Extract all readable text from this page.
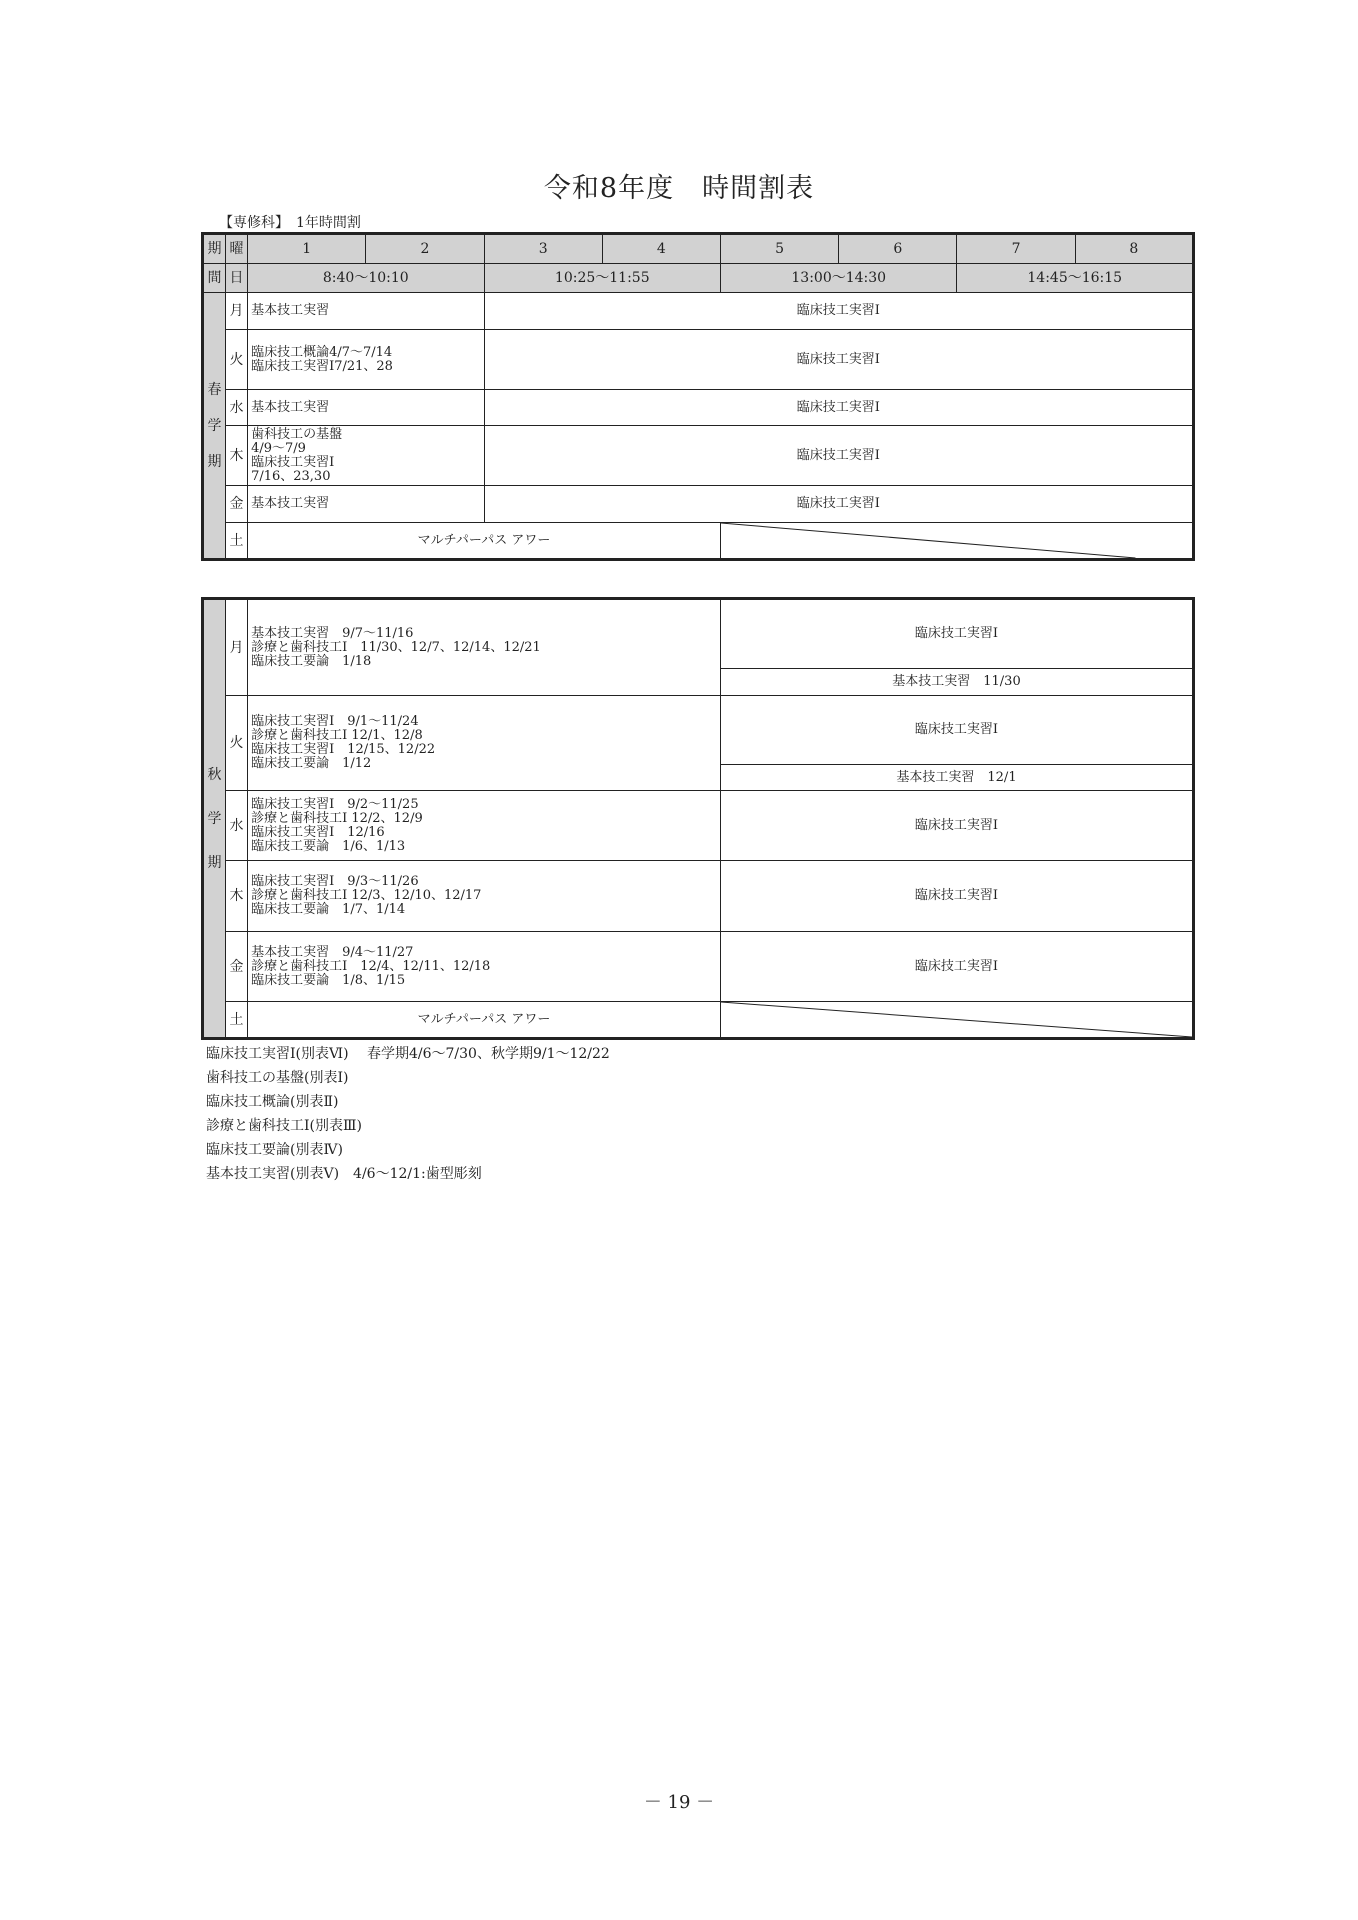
令和8年度　時間割表
【専修科】　1年時間割
期	曜	1	2	3	4	5	6	7	8
間	日	8:40～10:10		10:25～11:55		13:00～14:30		14:45～16:15	

春
学
期	月	基本技工実習		臨床技工実習Ⅰ					
	火	臨床技工概論4/7～7/14
臨床技工実習Ⅰ7/21、28		臨床技工実習Ⅰ					
	水	基本技工実習		臨床技工実習Ⅰ					
	木	歯科技工の基盤
4/9～7/9
臨床技工実習Ⅰ
7/16、23,30		臨床技工実習Ⅰ					
	金	基本技工実習		臨床技工実習Ⅰ					
	土	マルチパーパス アワー	
秋
学
期	月	基本技工実習　9/7～11/16
診療と歯科技工Ⅰ　11/30、12/7、12/14、12/21
臨床技工要論　1/18	臨床技工実習Ⅰ
			基本技工実習　11/30
	火	臨床技工実習Ⅰ　9/1～11/24
診療と歯科技工Ⅰ 12/1、12/8
臨床技工実習Ⅰ　12/15、12/22
臨床技工要論　1/12	臨床技工実習Ⅰ
			基本技工実習　12/1
	水	臨床技工実習Ⅰ　9/2～11/25
診療と歯科技工Ⅰ 12/2、12/9
臨床技工実習Ⅰ　12/16
臨床技工要論　1/6、1/13	臨床技工実習Ⅰ
	木	臨床技工実習Ⅰ　9/3～11/26
診療と歯科技工Ⅰ 12/3、12/10、12/17
臨床技工要論　1/7、1/14	臨床技工実習Ⅰ
	金	基本技工実習　9/4～11/27
診療と歯科技工Ⅰ　12/4、12/11、12/18
臨床技工要論　1/8、1/15	臨床技工実習Ⅰ
	土	マルチパーパス アワー	
臨床技工実習Ⅰ(別表Ⅵ)　 春学期4/6～7/30、秋学期9/1～12/22
歯科技工の基盤(別表Ⅰ)
臨床技工概論(別表Ⅱ)
診療と歯科技工Ⅰ(別表Ⅲ)
臨床技工要論(別表Ⅳ)
基本技工実習(別表Ⅴ)　4/6～12/1:歯型彫刻
－ 19 －
